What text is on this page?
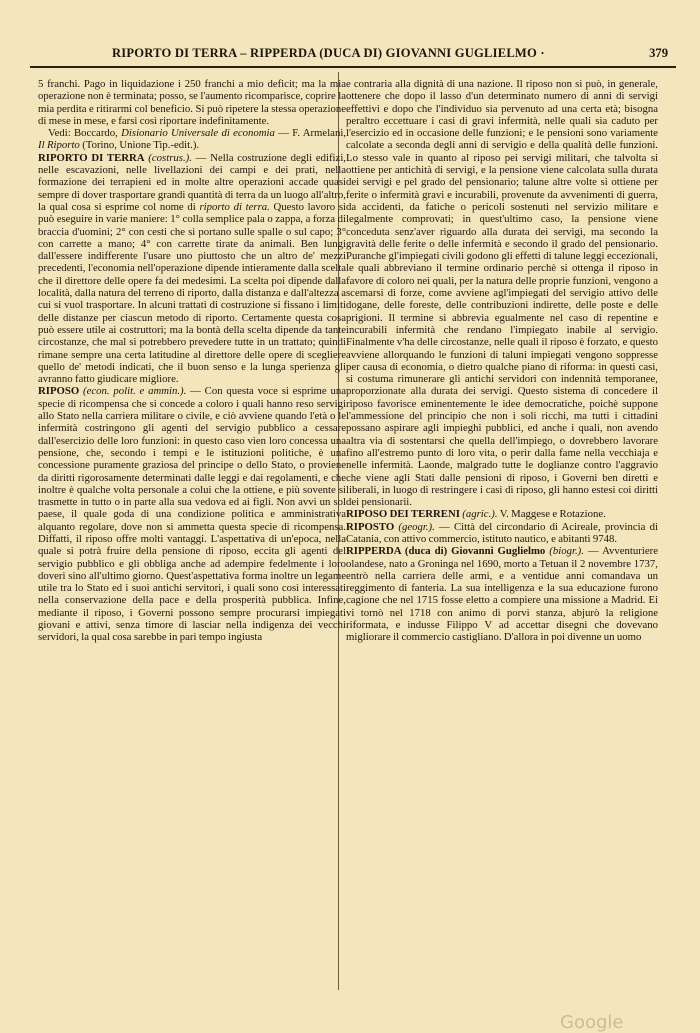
RIPORTO DI TERRA – RIPPERDA (DUCA DI) GIOVANNI GUGLIELMO ·	379

5 franchi. Pago in liquidazione i 250 franchi a mio deficit; ma la mia operazione non è terminata; posso, se l'aumento ricomparisce, coprire la mia perdita e ritirarmi col beneficio. Si può ripetere la stessa operazione di mese in mese, e farsi così riportare indefinitamente.

Vedi: Boccardo, Disionario Universale di economia — F. Armelani, Il Riporto (Torino, Unione Tip.-edit.).

RIPORTO DI TERRA (costrus.). — Nella costruzione degli edifizi, nelle escavazioni, nelle livellazioni dei campi e dei prati, nella formazione dei terrapieni ed in molte altre operazioni accade quasi sempre di dover trasportare grandi quantità di terra da un luogo all'altro, la qual cosa si esprime col nome di riporto di terra. Questo lavoro si può eseguire in varie maniere: 1° colla semplice pala o zappa, a forza di braccia d'uomini; 2° con cesti che si portano sulle spalle o sul capo; 3° con carrette a mano; 4° con carrette tirate da animali. Ben lungi dall'essere indifferente l'usare uno piuttosto che un altro de' mezzi precedenti, l'economia nell'operazione dipende intieramente dalla scelta che il direttore delle opere fa dei medesimi. La scelta poi dipende dalla località, dalla natura del terreno di riporto, dalla distanza e dall'altezza a cui si vuol trasportare. In alcuni trattati di costruzione si fissano i limiti delle distanze per ciascun metodo di riporto. Certamente questa cosa può essere utile ai costruttori; ma la bontà della scelta dipende da tante circostanze, che mal si potrebbero prevedere tutte in un trattato; quindi rimane sempre una certa latitudine al direttore delle opere di scegliere quello de' metodi indicati, che il buon senso e la lunga sperienza gli avranno fatto giudicare migliore.

RIPOSO (econ. polit. e ammin.). — Con questa voce si esprime una specie di ricompensa che si concede a coloro i quali hanno reso servigi allo Stato nella carriera militare o civile, e ciò avviene quando l'età o le infermità costringono gli agenti del servigio pubblico a cessare dall'esercizio delle loro funzioni: in questo caso vien loro concessa una pensione, che, secondo i tempi e le istituzioni politiche, è una concessione puramente graziosa del principe o dello Stato, o proviene da diritti rigorosamente determinati dalle leggi e dai regolamenti, e che inoltre è qualche volta personale a colui che la ottiene, e più sovente si trasmette in tutto o in parte alla sua vedova ed ai figli. Non avvi un sol paese, il quale goda di una condizione politica e amministrativa alquanto regolare, dove non si ammetta questa specie di ricompensa. Diffatti, il riposo offre molti vantaggi. L'aspettativa di un'epoca, nella quale si potrà fruire della pensione di riposo, eccita gli agenti del servigio pubblico e gli obbliga anche ad adempire fedelmente i loro doveri sino all'ultimo giorno. Quest'aspettativa forma inoltre un legame utile tra lo Stato ed i suoi antichi servitori, i quali sono così interessati nella conservazione della pace e della prosperità pubblica. Infine, mediante il riposo, i Governi possono sempre procurarsi impiegati giovani e attivi, senza timore di lasciar nella indigenza dei vecchi servidori, la qual cosa sarebbe in pari tempo ingiusta

e contraria alla dignità di una nazione. Il riposo non si può, in generale, ottenere che dopo il lasso d'un determinato numero di anni di servigi effettivi e dopo che l'individuo sia pervenuto ad una certa età; bisogna peraltro eccettuare i casi di gravi infermità, nelle quali sia caduto per l'esercizio ed in occasione delle funzioni; e le pensioni sono variamente calcolate a seconda degli anni di servigio e della qualità delle funzioni. Lo stesso vale in quanto al riposo pei servigi militari, che talvolta si ottiene per antichità di servigi, e la pensione viene calcolata sulla durata dei servigi e pel grado del pensionario; talune altre volte si ottiene per ferite o infermità gravi e incurabili, provenute da avvenimenti di guerra, da accidenti, da fatiche o pericoli sostenuti nel servizio militare e legalmente comprovati; in quest'ultimo caso, la pensione viene conceduta senz'aver riguardo alla durata dei servigi, ma secondo la gravità delle ferite o delle infermità e secondo il grado del pensionario. Puranche gl'impiegati civili godono gli effetti di talune leggi eccezionali, le quali abbreviano il termine ordinario perchè si ottenga il riposo in favore di coloro nei quali, per la natura delle proprie funzioni, vengono a scemarsi di forze, come avviene agl'impiegati del servigio attivo delle dogane, delle foreste, delle contribuzioni indirette, delle poste e delle prigioni. Il termine si abbrevia egualmente nel caso di repentine e incurabili infermità che rendano l'impiegato inabile al servigio. Finalmente v'ha delle circostanze, nelle quali il riposo è forzato, e questo avviene allorquando le funzioni di taluni impiegati vengono soppresse per causa di economia, o dietro qualche piano di riforma: in questi casi, si costuma rimunerare gli antichi servidori con indennità temporanee, proporzionate alla durata dei servigi. Questo sistema di concedere il riposo favorisce eminentemente le idee democratiche, poichè suppone l'ammessione del principio che non i soli ricchi, ma tutti i cittadini possano aspirare agli impieghi pubblici, ed anche i quali, non avendo altra via di sostentarsi che quella dell'impiego, o dovrebbero lavorare fino all'estremo punto di loro vita, o perir dalla fame nella vecchiaja e nelle infermità. Laonde, malgrado tutte le doglianze contro l'aggravio che viene agli Stati dalle pensioni di riposo, i Governi ben diretti e liberali, in luogo di restringere i casi di riposo, gli hanno estesi coi diritti dei pensionarii.

RIPOSO DEI TERRENI (agric.). V. Maggese e Rotazione.

RIPOSTO (geogr.). — Città del circondario di Acireale, provincia di Catania, con attivo commercio, istituto nautico, e abitanti 9748.

RIPPERDA (duca di) Giovanni Guglielmo (biogr.). — Avventuriere olandese, nato a Groninga nel 1690, morto a Tetuan il 2 novembre 1737, entrò nella carriera delle armi, e a ventidue anni comandava un reggimento di fanteria. La sua intelligenza e la sua educazione furono cagione che nel 1715 fosse eletto a compiere una missione a Madrid. Ei vi tornò nel 1718 con animo di porvi stanza, abjurò la religione riformata, e indusse Filippo V ad accettar disegni che dovevano migliorare il commercio castigliano. D'allora in poi divenne un uomo

Google
